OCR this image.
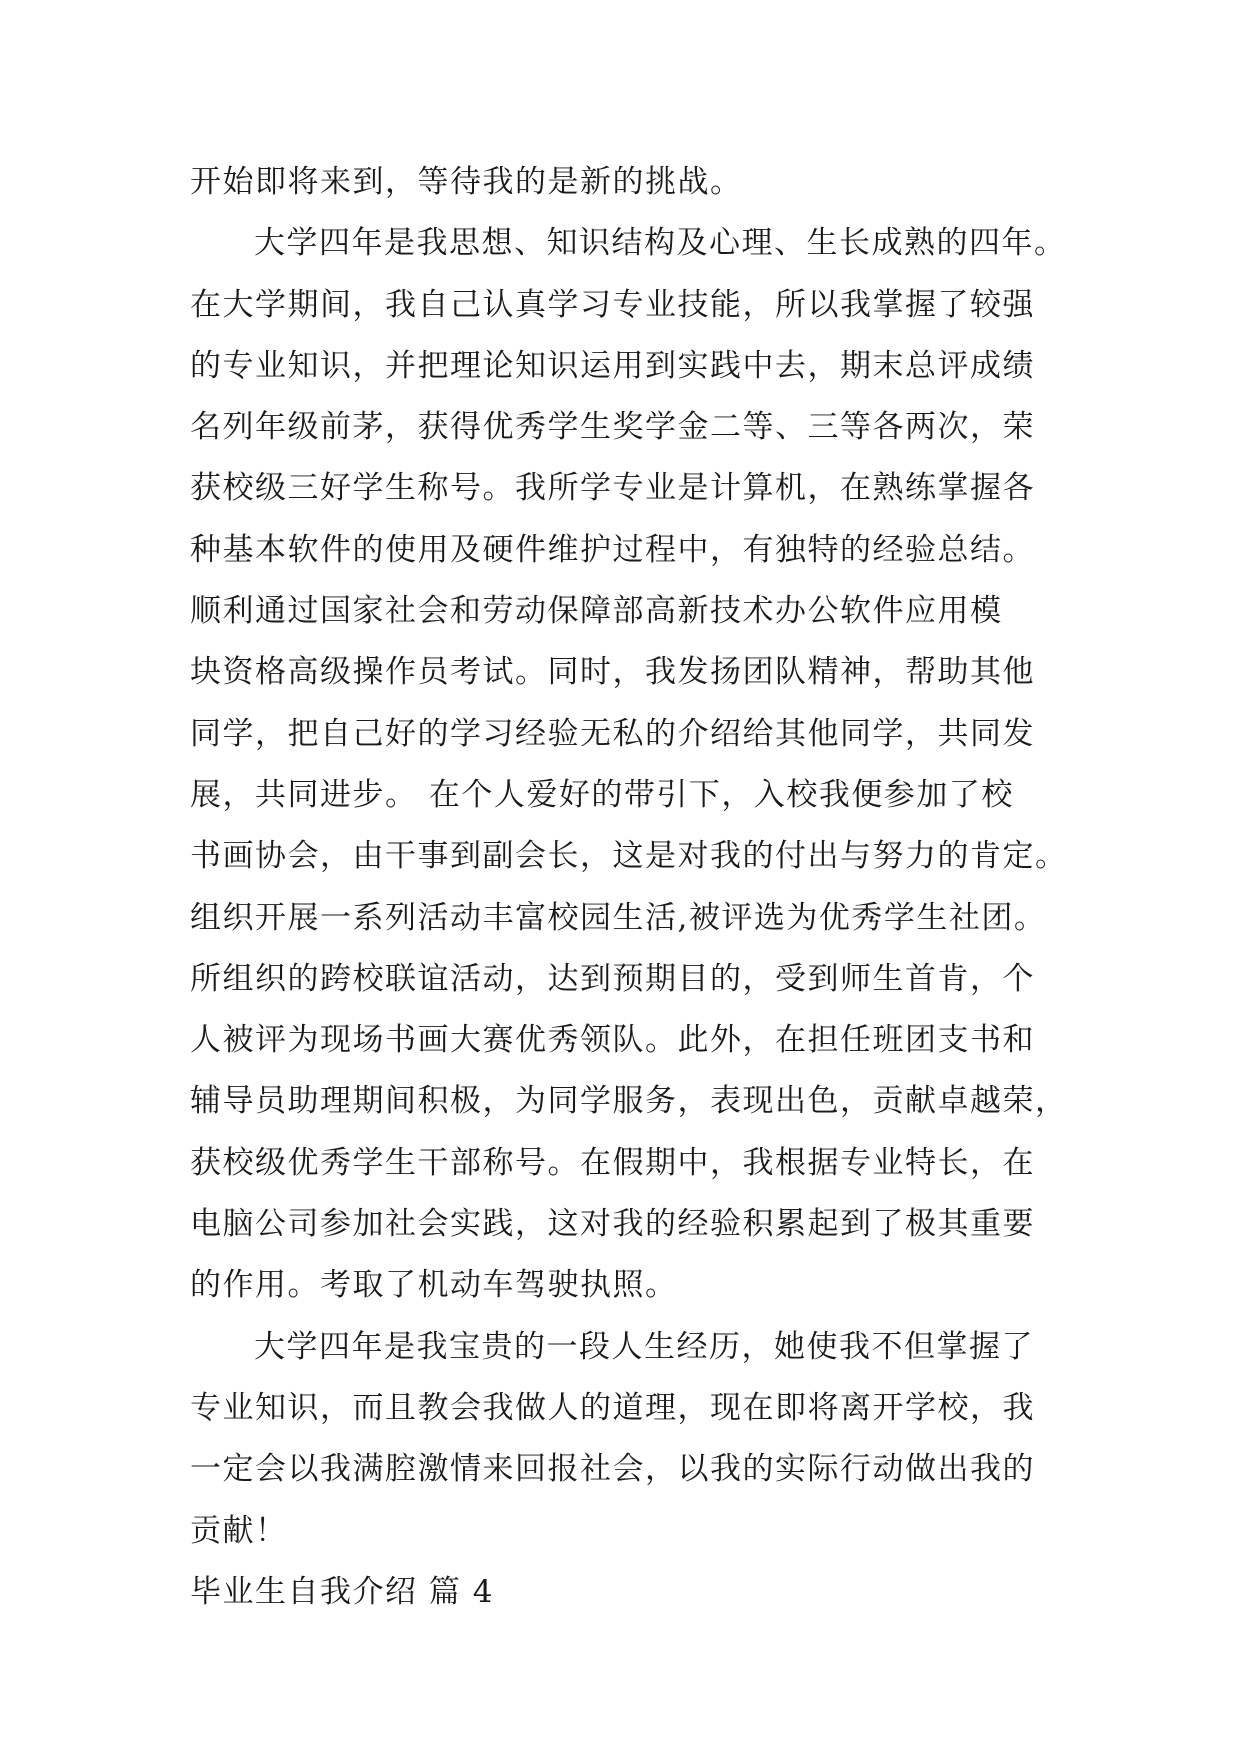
开始即将来到，等待我的是新的挑战。
大学四年是我思想、知识结构及心理、生长成熟的四年。
在大学期间，我自己认真学习专业技能，所以我掌握了较强
的专业知识，并把理论知识运用到实践中去，期末总评成绩
名列年级前茅，获得优秀学生奖学金二等、三等各两次，荣
获校级三好学生称号。我所学专业是计算机，在熟练掌握各
种基本软件的使用及硬件维护过程中，有独特的经验总结。
顺利通过国家社会和劳动保障部高新技术办公软件应用模
块资格高级操作员考试。同时，我发扬团队精神，帮助其他
同学，把自己好的学习经验无私的介绍给其他同学，共同发
展，共同进步。 在个人爱好的带引下，入校我便参加了校
书画协会，由干事到副会长，这是对我的付出与努力的肯定。
组织开展一系列活动丰富校园生活,被评选为优秀学生社团。
所组织的跨校联谊活动，达到预期目的，受到师生首肯，个
人被评为现场书画大赛优秀领队。此外，在担任班团支书和
辅导员助理期间积极，为同学服务，表现出色，贡献卓越荣，
获校级优秀学生干部称号。在假期中，我根据专业特长，在
电脑公司参加社会实践，这对我的经验积累起到了极其重要
的作用。考取了机动车驾驶执照。
大学四年是我宝贵的一段人生经历，她使我不但掌握了
专业知识，而且教会我做人的道理，现在即将离开学校，我
一定会以我满腔激情来回报社会，以我的实际行动做出我的
贡献！
毕业生自我介绍 篇 4
